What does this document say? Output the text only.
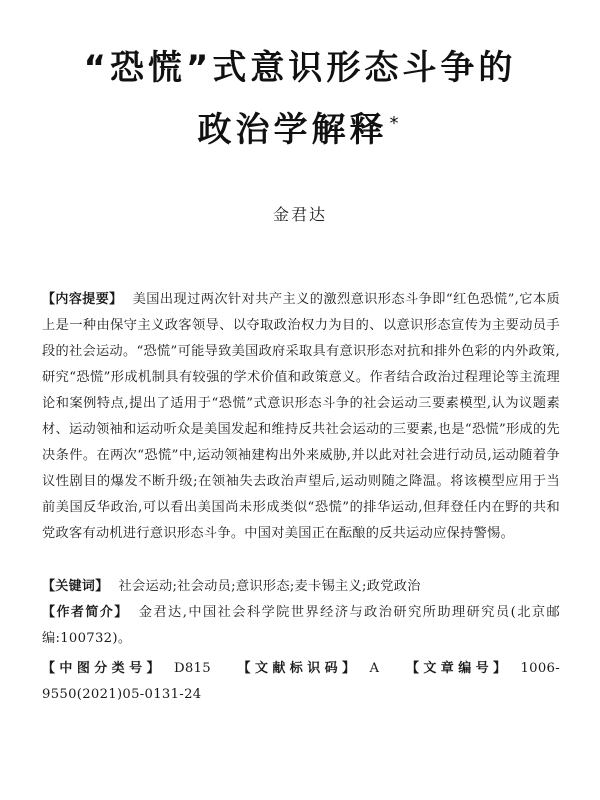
“恐慌”式意识形态斗争的
政治学解释 *
金君达
【内容提要】 美国出现过两次针对共产主义的激烈意识形态斗争即“红色恐慌”,它本质上是一种由保守主义政客领导、以夺取政治权力为目的、以意识形态宣传为主要动员手段的社会运动。“恐慌”可能导致美国政府采取具有意识形态对抗和排外色彩的内外政策,研究“恐慌”形成机制具有较强的学术价值和政策意义。作者结合政治过程理论等主流理论和案例特点,提出了适用于“恐慌”式意识形态斗争的社会运动三要素模型,认为议题素材、运动领袖和运动听众是美国发起和维持反共社会运动的三要素,也是“恐慌”形成的先决条件。在两次“恐慌”中,运动领袖建构出外来威胁,并以此对社会进行动员,运动随着争议性剧目的爆发不断升级;在领袖失去政治声望后,运动则随之降温。将该模型应用于当前美国反华政治,可以看出美国尚未形成类似“恐慌”的排华运动,但拜登任内在野的共和党政客有动机进行意识形态斗争。中国对美国正在酝酿的反共运动应保持警惕。
【关键词】 社会运动;社会动员;意识形态;麦卡锡主义;政党政治
【作者简介】 金君达,中国社会科学院世界经济与政治研究所助理研究员(北京邮编:100732)。
【中图分类号】 D815 【文献标识码】 A 【文章编号】 1006-9550(2021)05-0131-24
